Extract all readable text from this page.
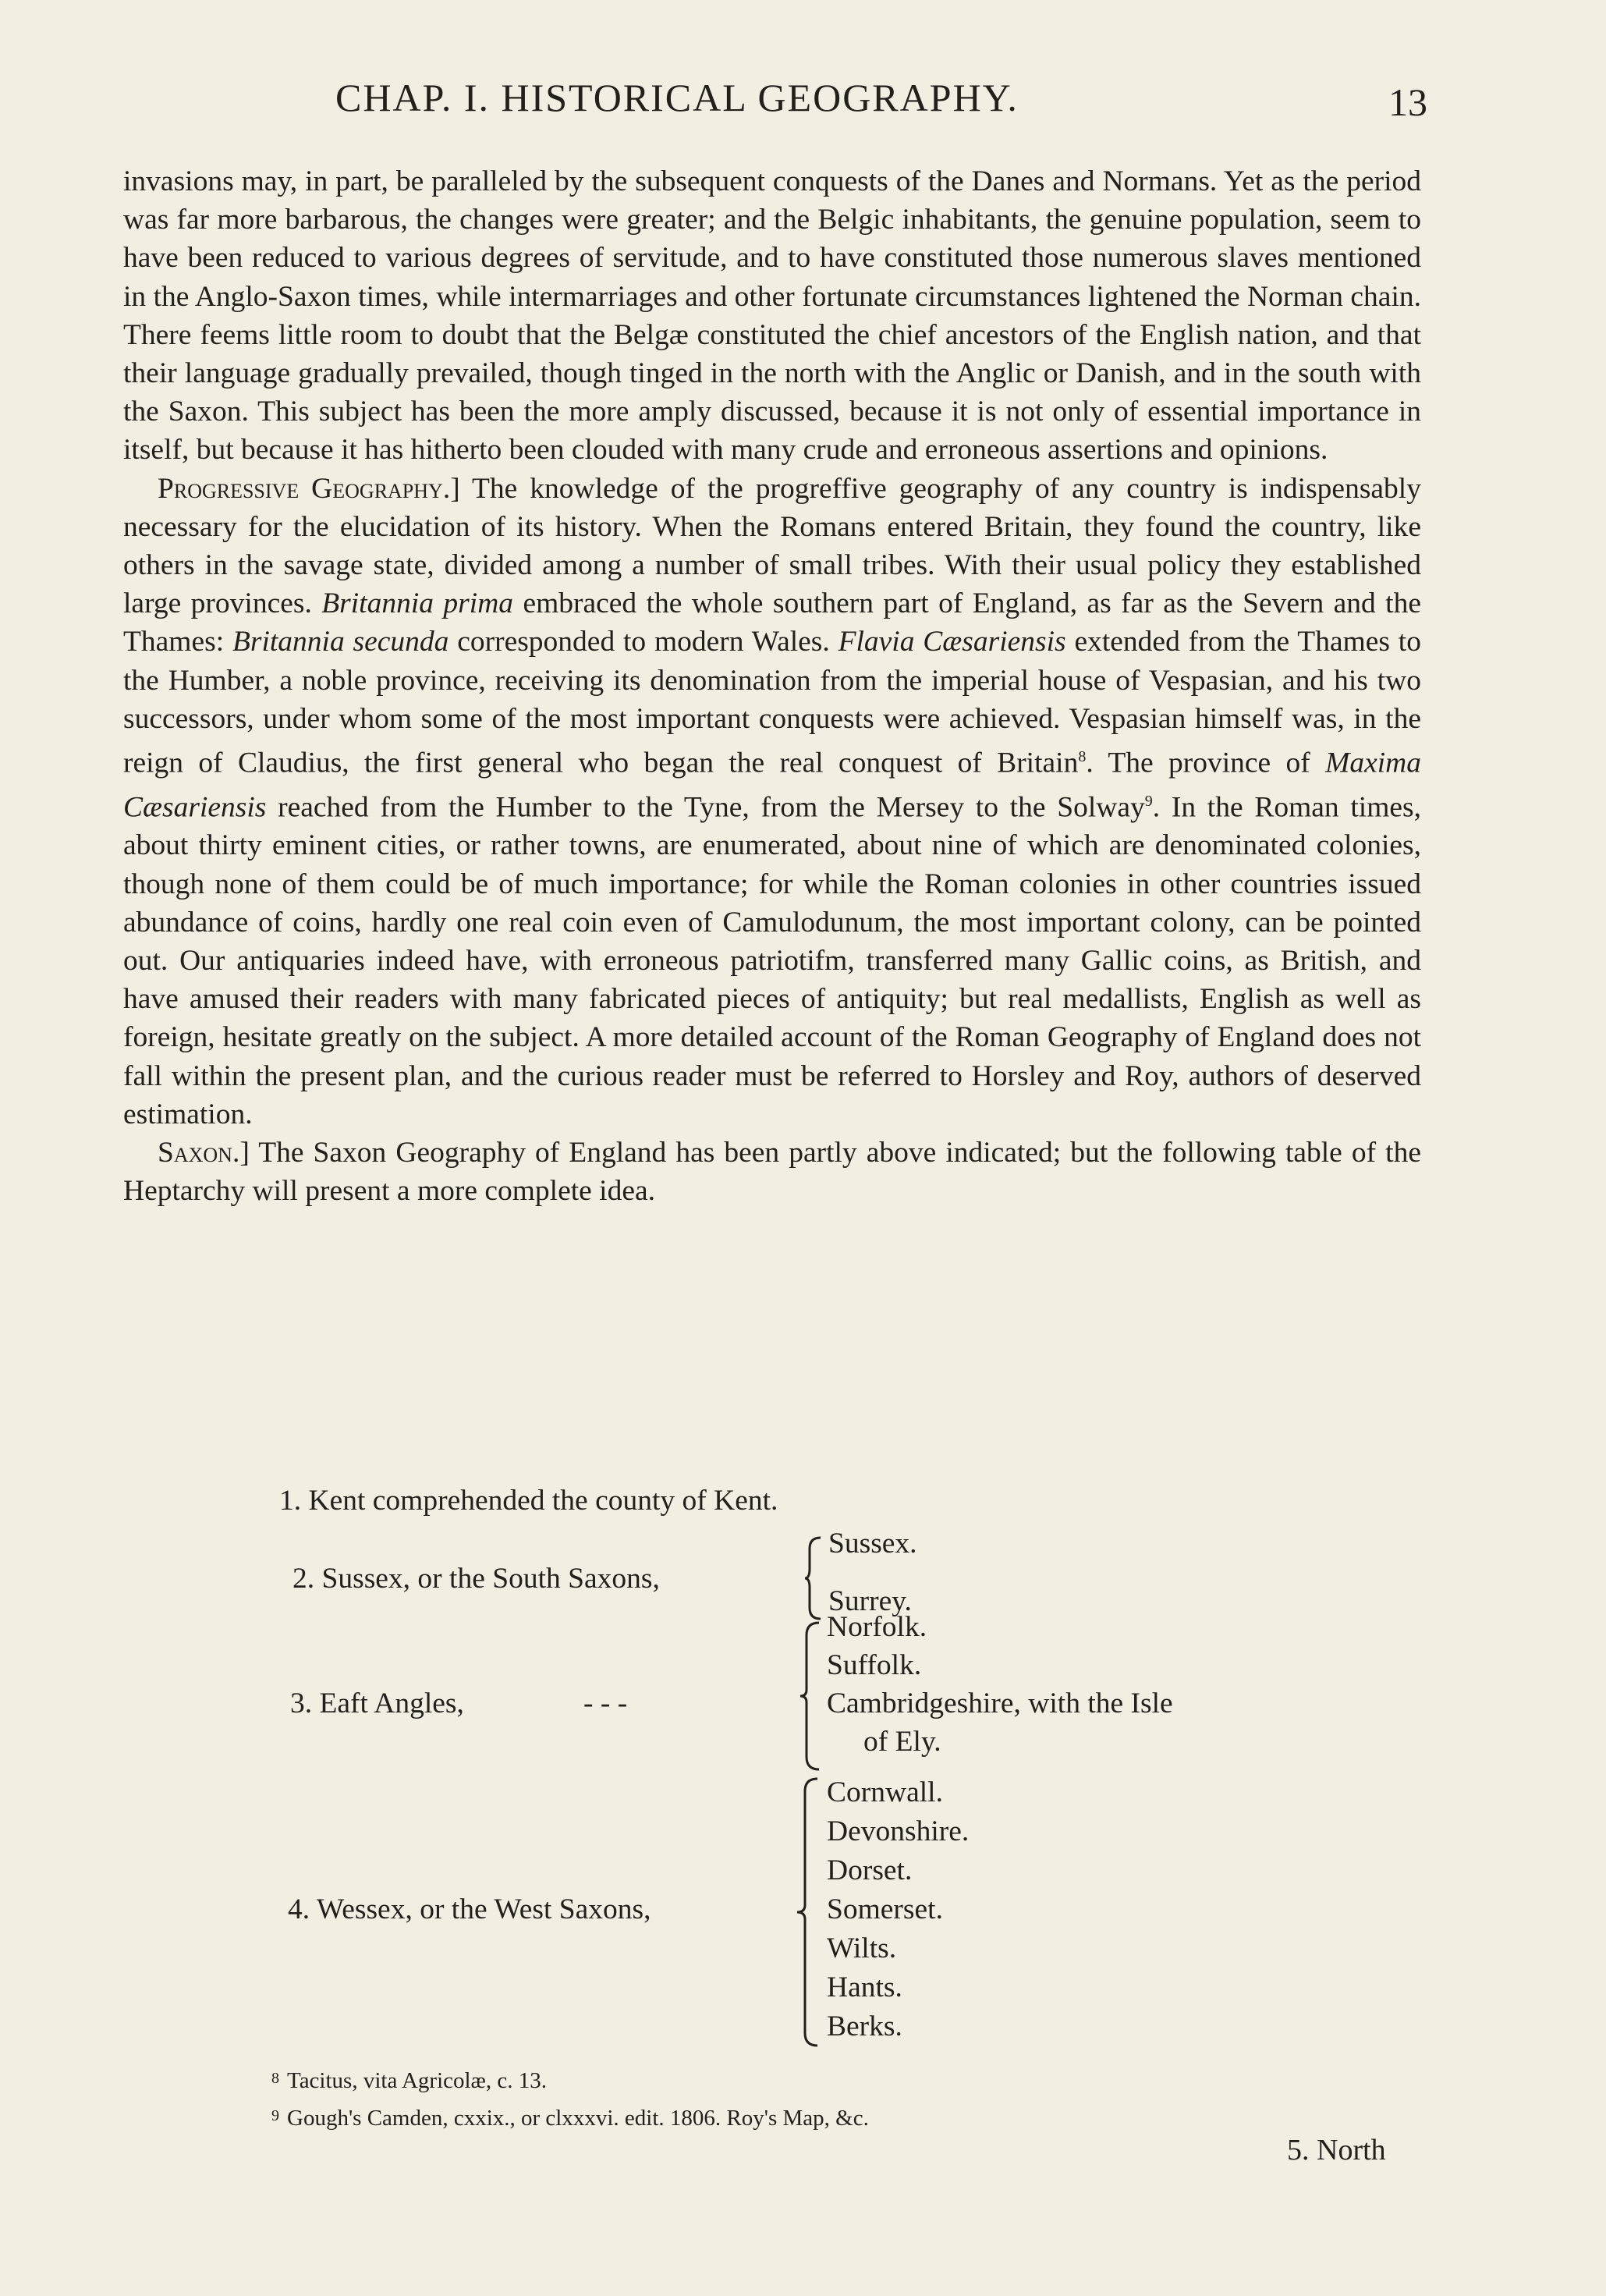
CHAP. I. HISTORICAL GEOGRAPHY.	13

invasions may, in part, be paralleled by the subsequent conquests of the Danes and Normans. Yet as the period was far more barbarous, the changes were greater; and the Belgic inhabitants, the genuine population, seem to have been reduced to various degrees of servitude, and to have constituted those numerous slaves mentioned in the Anglo-Saxon times, while intermarriages and other fortunate circumstances lightened the Norman chain. There feems little room to doubt that the Belgæ constituted the chief ancestors of the English nation, and that their language gradually prevailed, though tinged in the north with the Anglic or Danish, and in the south with the Saxon. This subject has been the more amply discussed, because it is not only of essential importance in itself, but because it has hitherto been clouded with many crude and erroneous assertions and opinions.

Progressive Geography.] The knowledge of the progreffive geography of any country is indispensably necessary for the elucidation of its history. When the Romans entered Britain, they found the country, like others in the savage state, divided among a number of small tribes. With their usual policy they established large provinces. Britannia prima embraced the whole southern part of England, as far as the Severn and the Thames: Britannia secunda corresponded to modern Wales. Flavia Cæsariensis extended from the Thames to the Humber, a noble province, receiving its denomination from the imperial house of Vespasian, and his two successors, under whom some of the most important conquests were achieved. Vespasian himself was, in the reign of Claudius, the first general who began the real conquest of Britain$^8$. The province of Maxima Cæsariensis reached from the Humber to the Tyne, from the Mersey to the Solway$^9$. In the Roman times, about thirty eminent cities, or rather towns, are enumerated, about nine of which are denominated colonies, though none of them could be of much importance; for while the Roman colonies in other countries issued abundance of coins, hardly one real coin even of Camulodunum, the most important colony, can be pointed out. Our antiquaries indeed have, with erroneous patriotifm, transferred many Gallic coins, as British, and have amused their readers with many fabricated pieces of antiquity; but real medallists, English as well as foreign, hesitate greatly on the subject. A more detailed account of the Roman Geography of England does not fall within the present plan, and the curious reader must be referred to Horsley and Roy, authors of deserved estimation.

Saxon.] The Saxon Geography of England has been partly above indicated; but the following table of the Heptarchy will present a more complete idea.

1. Kent comprehended the county of Kent.
2. Sussex, or the South Saxons,
Sussex.
Surrey.
3. Eaft Angles,	- - -
Norfolk.
Suffolk.
Cambridgeshire, with the Isle
of Ely.
4. Wessex, or the West Saxons,
Cornwall.
Devonshire.
Dorset.
Somerset.
Wilts.
Hants.
Berks.

$^8$ Tacitus, vita Agricolæ, c. 13.

$^9$ Gough's Camden, cxxix., or clxxxvi. edit. 1806. Roy's Map, &c.

5. North
